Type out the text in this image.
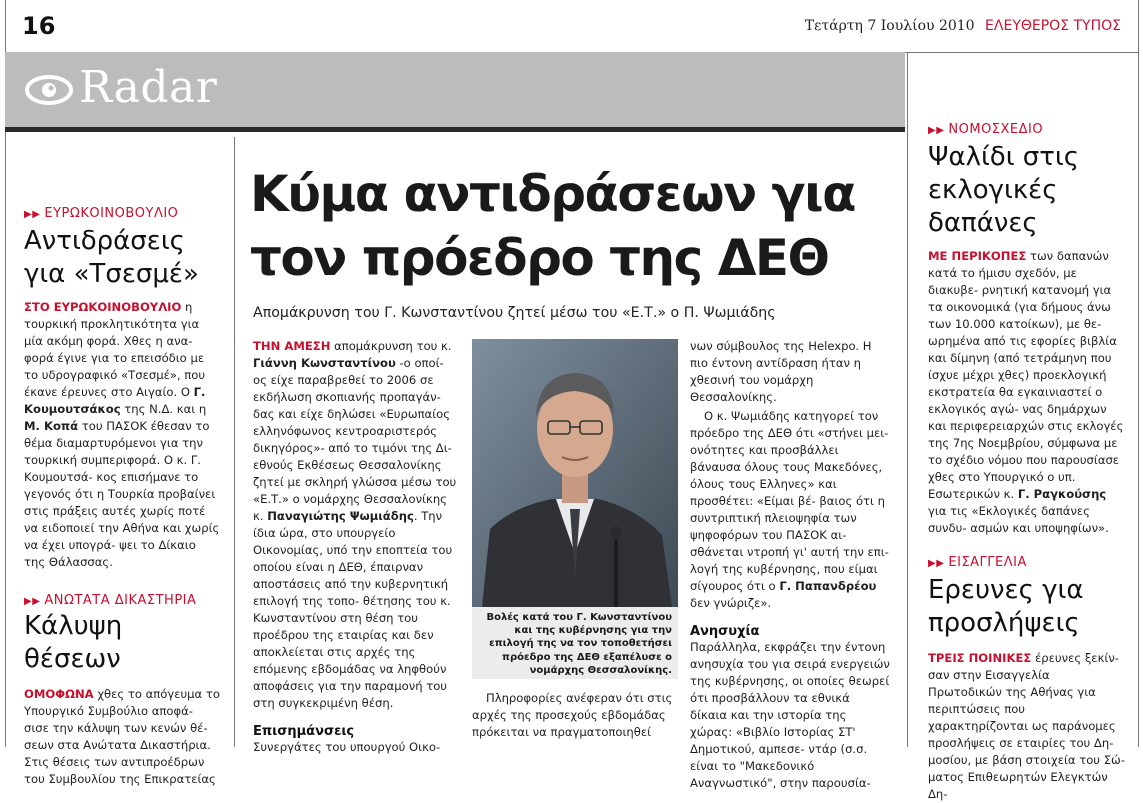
16	Τετάρτη 7 Ιουλίου 2010 ΕΛΕΥΘΕΡΟΣ ΤΥΠΟΣ
Radar
▶▶ ΕΥΡΩΚΟΙΝΟΒΟΥΛΙΟ
Αντιδράσεις
για «Τσεσμέ»

ΣΤΟ ΕΥΡΩΚΟΙΝΟΒΟΥΛΙΟ η τουρκική προκλητικότητα για μία ακόμη φορά. Χθες η ανα- φορά έγινε για το επεισόδιο με το υδρογραφικό «Τσεσμέ», που έκανε έρευνες στο Αιγαίο. Ο Γ. Κουμουτσάκος της Ν.Δ. και η Μ. Κοπά του ΠΑΣΟΚ έθεσαν το θέμα διαμαρτυρόμενοι για την τουρκική συμπεριφορά. Ο κ. Γ. Κουμουτσά- κος επισήμανε το γεγονός ότι η Τουρκία προβαίνει στις πράξεις αυτές χωρίς ποτέ να ειδοποιεί την Αθήνα και χωρίς να έχει υπογρά- ψει το Δίκαιο της Θάλασσας.

▶▶ ΑΝΩΤΑΤΑ ΔΙΚΑΣΤΗΡΙΑ
Κάλυψη θέσεων

ΟΜΟΦΩΝΑ χθες το απόγευμα το Υπουργικό Συμβούλιο αποφά- σισε την κάλυψη των κενών θέ- σεων στα Ανώτατα Δικαστήρια. Στις θέσεις των αντιπροέδρων του Συμβουλίου της Επικρατείας

Κύμα αντιδράσεων για
τον πρόεδρο της ΔΕΘ
Απομάκρυνση του Γ. Κωνσταντίνου ζητεί μέσω του «Ε.Τ.» ο Π. Ψωμιάδης

ΤΗΝ ΑΜΕΣΗ απομάκρυνση του κ. Γιάννη Κωνσταντίνου -ο οποί- ος είχε παραβρεθεί το 2006 σε εκδήλωση σκοπιανής προπαγάν- δας και είχε δηλώσει «Ευρωπαίος ελληνόφωνος κεντροαριστερός δικηγόρος»- από το τιμόνι της Δι- εθνούς Εκθέσεως Θεσσαλονίκης ζητεί με σκληρή γλώσσα μέσω του «Ε.Τ.» ο νομάρχης Θεσσαλονίκης κ. Παναγιώτης Ψωμιάδης. Την ίδια ώρα, στο υπουργείο Οικονομίας, υπό την εποπτεία του οποίου είναι η ΔΕΘ, έπαιρναν αποστάσεις από την κυβερνητική επιλογή της τοπο- θέτησης του κ. Κωνσταντίνου στη θέση του προέδρου της εταιρίας και δεν αποκλείεται στις αρχές της επόμενης εβδομάδας να ληφθούν αποφάσεις για την παραμονή του στη συγκεκριμένη θέση.

Επισημάνσεις

Συνεργάτες του υπουργού Οικο-

Βολές κατά του Γ. Κωνσταντίνου και της κυβέρνησης για την επιλογή της να τον τοποθετήσει πρόεδρο της ΔΕΘ εξαπέλυσε ο νομάρχης Θεσσαλονίκης.

Πληροφορίες ανέφεραν ότι στις αρχές της προσεχούς εβδομάδας πρόκειται να πραγματοποιηθεί

νων σύμβουλος της Helexpo. Η πιο έντονη αντίδραση ήταν η χθεσινή του νομάρχη Θεσσαλονίκης.

Ο κ. Ψωμιάδης κατηγορεί τον πρόεδρο της ΔΕΘ ότι «στήνει μει- ονότητες και προσβάλλει βάναυσα όλους τους Μακεδόνες, όλους τους Ελληνες» και προσθέτει: «Είμαι βέ- βαιος ότι η συντριπτική πλειοψηφία των ψηφοφόρων του ΠΑΣΟΚ αι- σθάνεται ντροπή γι' αυτή την επι- λογή της κυβέρνησης, που είμαι σίγουρος ότι ο Γ. Παπανδρέου δεν γνώριζε».

Ανησυχία

Παράλληλα, εκφράζει την έντονη ανησυχία του για σειρά ενεργειών της κυβέρνησης, οι οποίες θεωρεί ότι προσβάλλουν τα εθνικά δίκαια και την ιστορία της χώρας: «Βιβλίο Ιστορίας ΣΤ' Δημοτικού, αμπεσε- ντάρ (σ.σ. είναι το "Μακεδονικό Αναγνωστικό", στην παρουσία-

▶▶ ΝΟΜΟΣΧΕΔΙΟ
Ψαλίδι στις
εκλογικές
δαπάνες

ΜΕ ΠΕΡΙΚΟΠΕΣ των δαπανών κατά το ήμισυ σχεδόν, με διακυβε- ρνητική κατανομή για τα οικονομικά (για δήμους άνω των 10.000 κατοίκων), με θε- ωρημένα από τις εφορίες βιβλία και δίμηνη (από τετράμηνη που ίσχυε μέχρι χθες) προεκλογική εκστρατεία θα εγκαινιαστεί ο εκλογικός αγώ- νας δημάρχων και περιφερειαρχών στις εκλογές της 7ης Νοεμβρίου, σύμφωνα με το σχέδιο νόμου που παρουσίασε χθες στο Υπουργικό ο υπ. Εσωτερικών κ. Γ. Ραγκούσης για τις «Εκλογικές δαπάνες συνδυ- ασμών και υποψηφίων».

▶▶ ΕΙΣΑΓΓΕΛΙΑ
Ερευνες για
προσλήψεις

ΤΡΕΙΣ ΠΟΙΝΙΚΕΣ έρευνες ξεκίν- σαν στην Εισαγγελία Πρωτοδικών της Αθήνας για περιπτώσεις που χαρακτηρίζονται ως παράνομες προσλήψεις σε εταιρίες του Δη- μοσίου, με βάση στοιχεία του Σώ- ματος Επιθεωρητών Ελεγκτών Δη-
